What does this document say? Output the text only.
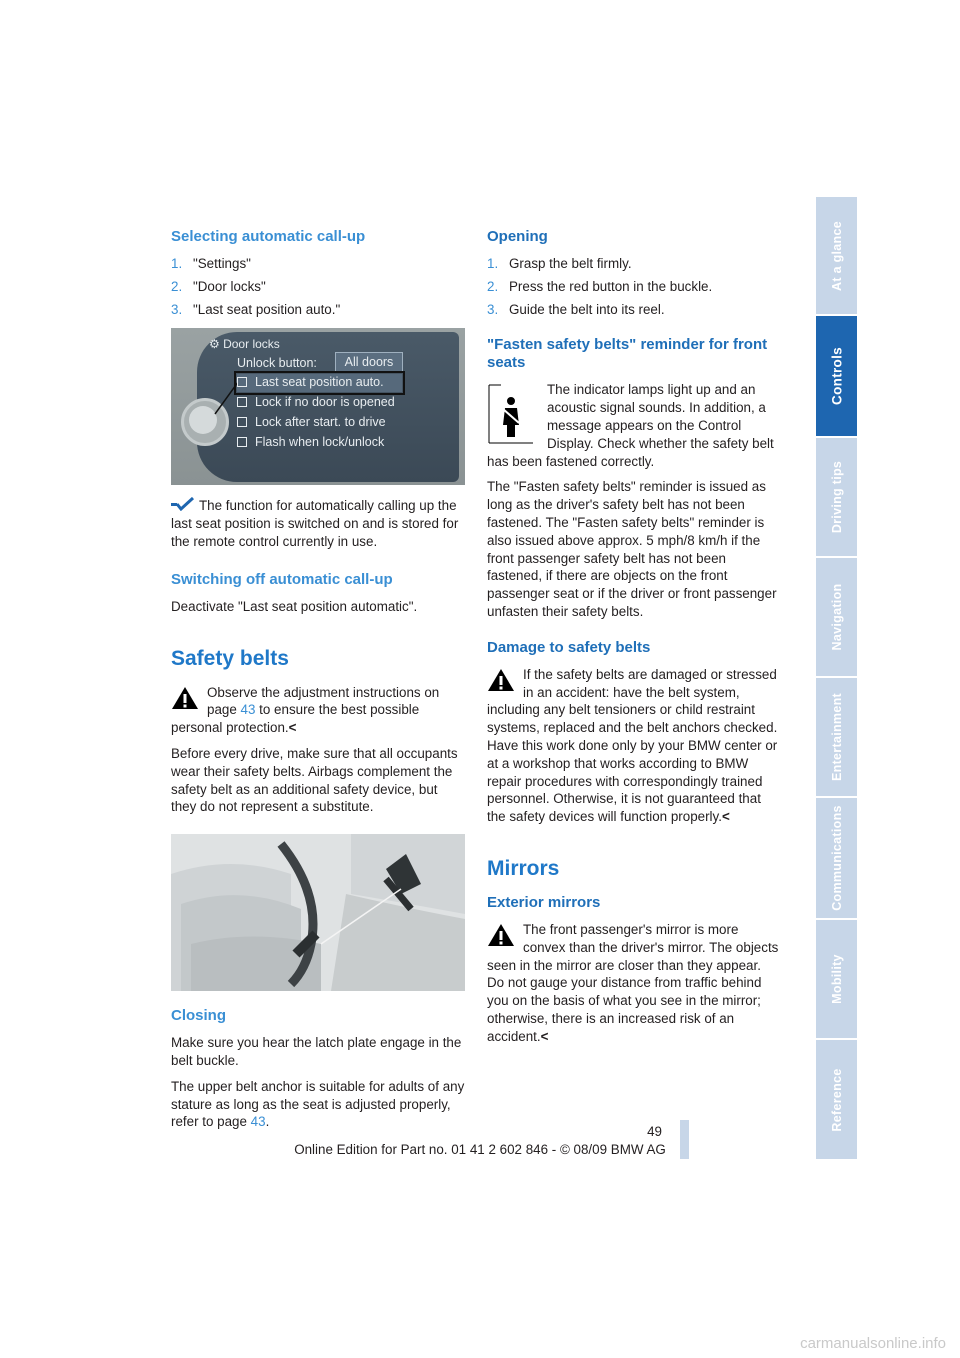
Selecting automatic call-up
1. "Settings"
2. "Door locks"
3. "Last seat position auto."
⚙ Door locks
Unlock button:	All doors
Last seat position auto.
Lock if no door is opened
Lock after start. to drive
Flash when lock/unlock

The function for automatically calling up the last seat position is switched on and is stored for the remote control currently in use.

Switching off automatic call-up

Deactivate "Last seat position automatic".

Safety belts

Observe the adjustment instructions on page 43 to ensure the best possible personal protection.<

Before every drive, make sure that all occupants wear their safety belts. Airbags complement the safety belt as an additional safety device, but they do not represent a substitute.

Closing

Make sure you hear the latch plate engage in the belt buckle.

The upper belt anchor is suitable for adults of any stature as long as the seat is adjusted properly, refer to page 43.

Opening
1. Grasp the belt firmly.
2. Press the red button in the buckle.
3. Guide the belt into its reel.
"Fasten safety belts" reminder for front seats

The indicator lamps light up and an acoustic signal sounds. In addition, a message appears on the Control Display. Check whether the safety belt has been fastened correctly.

The "Fasten safety belts" reminder is issued as long as the driver's safety belt has not been fastened. The "Fasten safety belts" reminder is also issued above approx. 5 mph/8 km/h if the front passenger safety belt has not been fastened, if there are objects on the front passenger seat or if the driver or front passenger unfasten their safety belts.

Damage to safety belts

If the safety belts are damaged or stressed in an accident: have the belt system, including any belt tensioners or child restraint systems, replaced and the belt anchors checked. Have this work done only by your BMW center or at a workshop that works according to BMW repair procedures with correspondingly trained personnel. Otherwise, it is not guaranteed that the safety devices will function properly.<

Mirrors
Exterior mirrors

The front passenger's mirror is more convex than the driver's mirror. The objects seen in the mirror are closer than they appear. Do not gauge your distance from traffic behind you on the basis of what you see in the mirror; otherwise, there is an increased risk of an accident.<

At a glance
Controls
Driving tips
Navigation
Entertainment
Communications
Mobility
Reference
49
Online Edition for Part no. 01 41 2 602 846 - © 08/09 BMW AG
carmanualsonline.info
